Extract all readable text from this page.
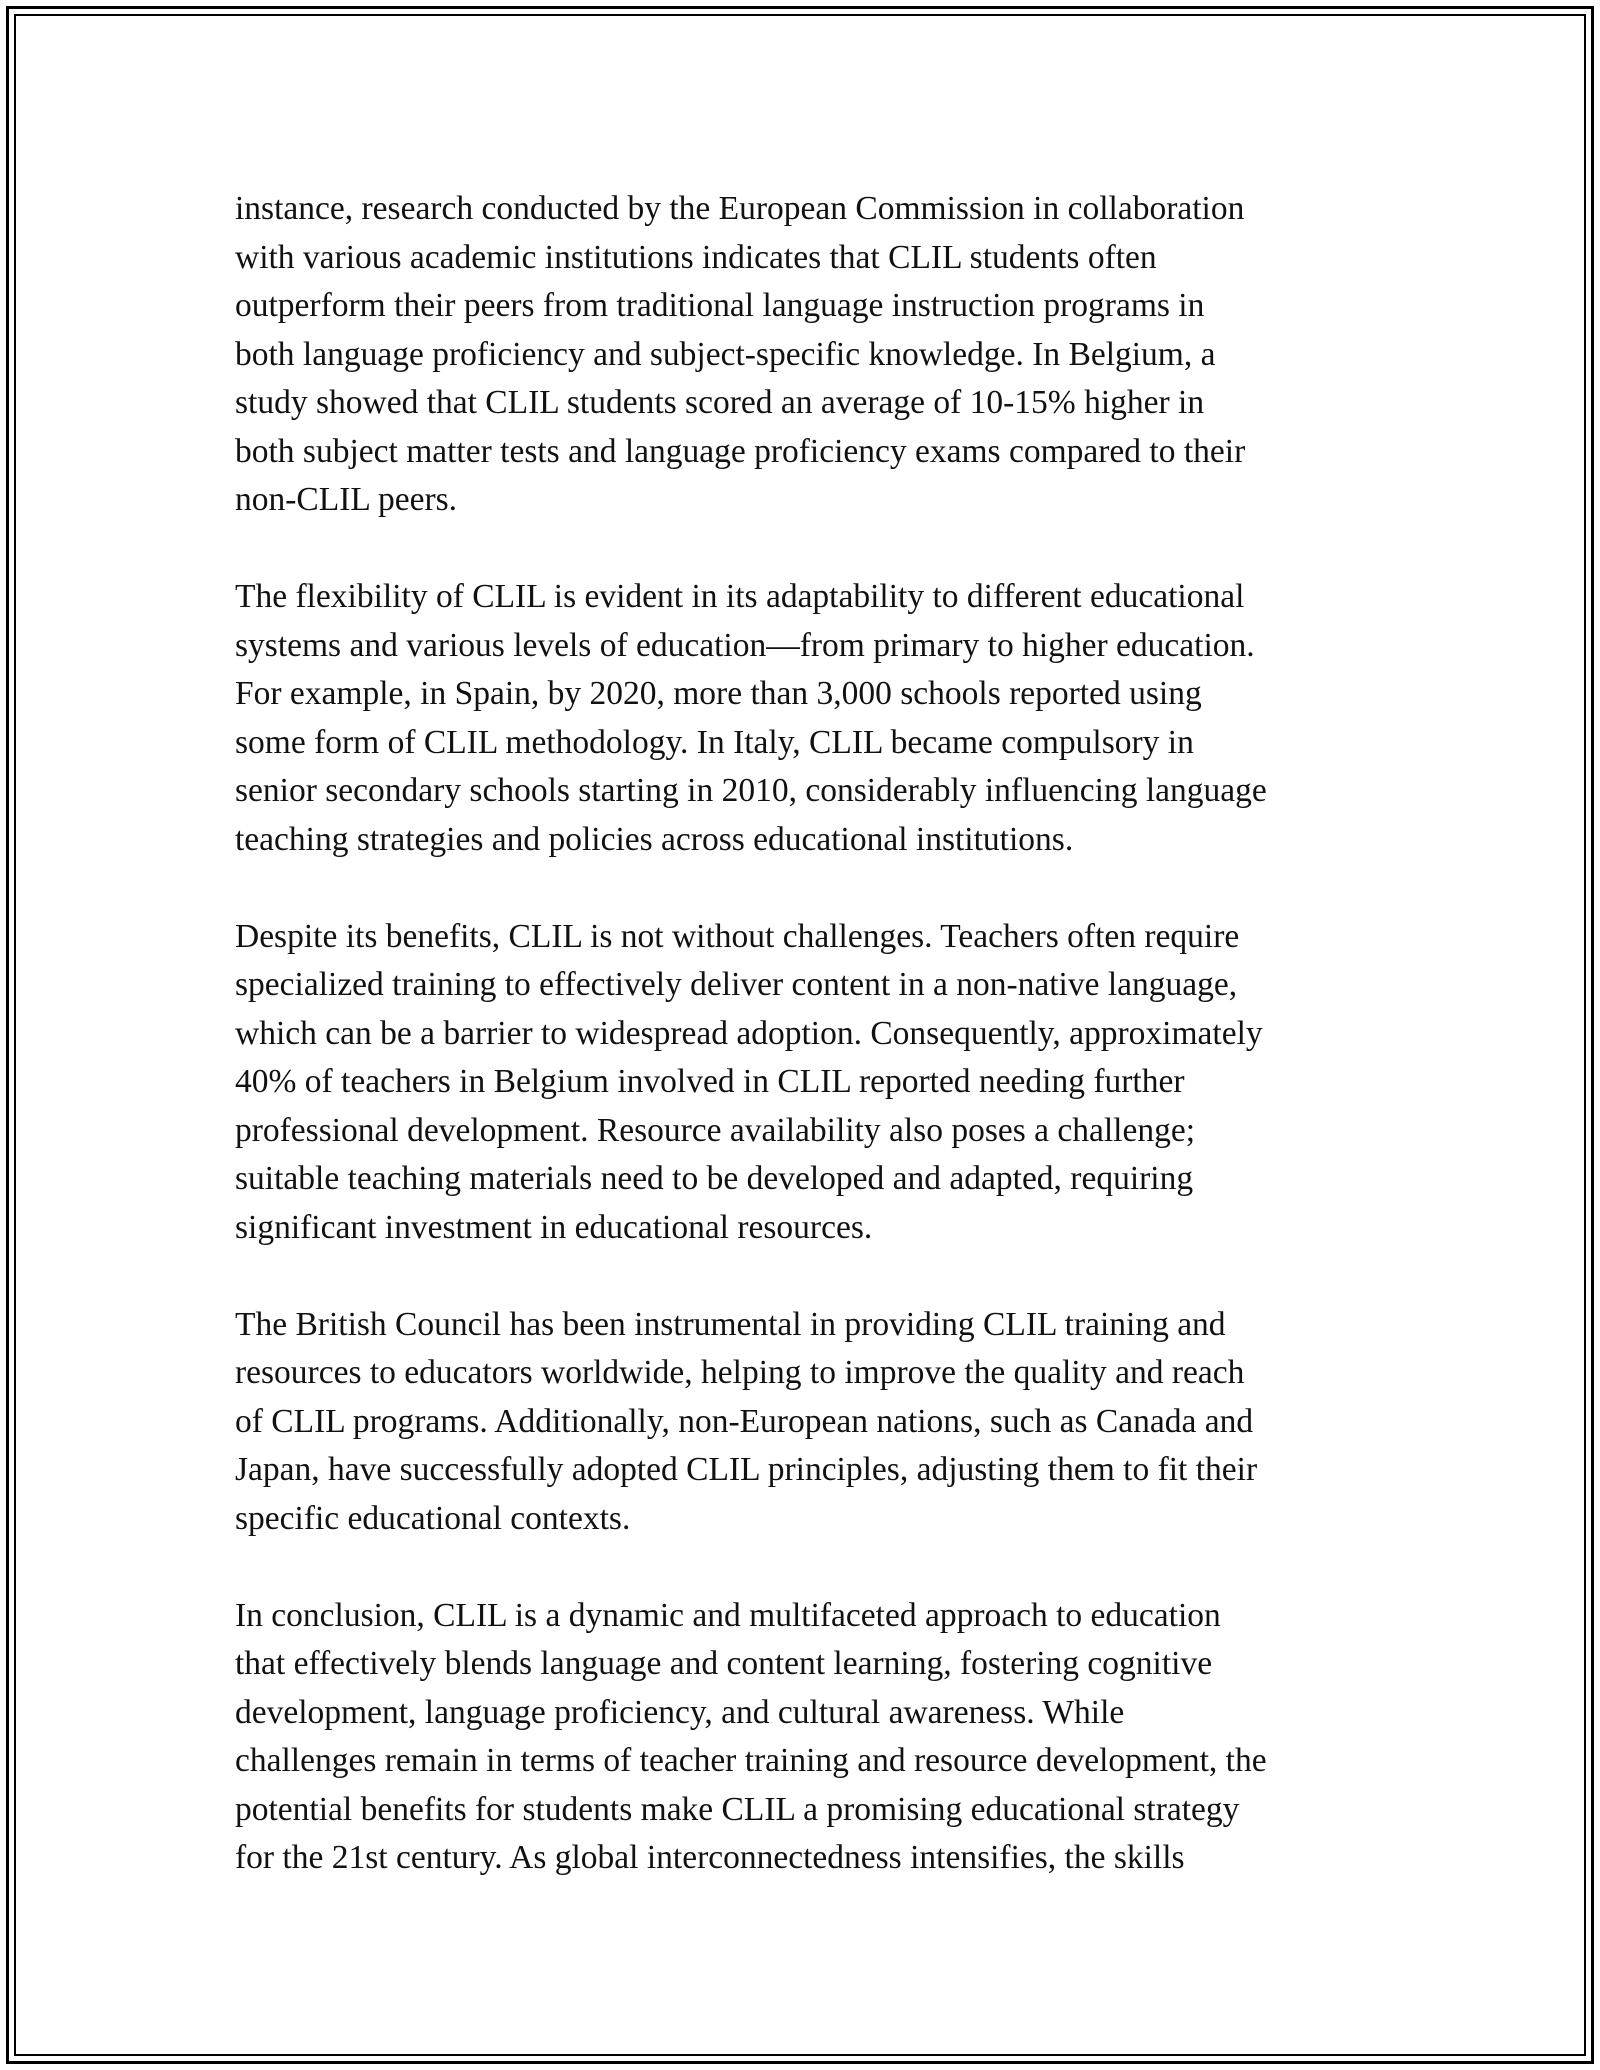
instance, research conducted by the European Commission in collaboration
with various academic institutions indicates that CLIL students often
outperform their peers from traditional language instruction programs in
both language proficiency and subject-specific knowledge. In Belgium, a
study showed that CLIL students scored an average of 10-15% higher in
both subject matter tests and language proficiency exams compared to their
non-CLIL peers.

The flexibility of CLIL is evident in its adaptability to different educational
systems and various levels of education—from primary to higher education.
For example, in Spain, by 2020, more than 3,000 schools reported using
some form of CLIL methodology. In Italy, CLIL became compulsory in
senior secondary schools starting in 2010, considerably influencing language
teaching strategies and policies across educational institutions.

Despite its benefits, CLIL is not without challenges. Teachers often require
specialized training to effectively deliver content in a non-native language,
which can be a barrier to widespread adoption. Consequently, approximately
40% of teachers in Belgium involved in CLIL reported needing further
professional development. Resource availability also poses a challenge;
suitable teaching materials need to be developed and adapted, requiring
significant investment in educational resources.

The British Council has been instrumental in providing CLIL training and
resources to educators worldwide, helping to improve the quality and reach
of CLIL programs. Additionally, non-European nations, such as Canada and
Japan, have successfully adopted CLIL principles, adjusting them to fit their
specific educational contexts.

In conclusion, CLIL is a dynamic and multifaceted approach to education
that effectively blends language and content learning, fostering cognitive
development, language proficiency, and cultural awareness. While
challenges remain in terms of teacher training and resource development, the
potential benefits for students make CLIL a promising educational strategy
for the 21st century. As global interconnectedness intensifies, the skills
